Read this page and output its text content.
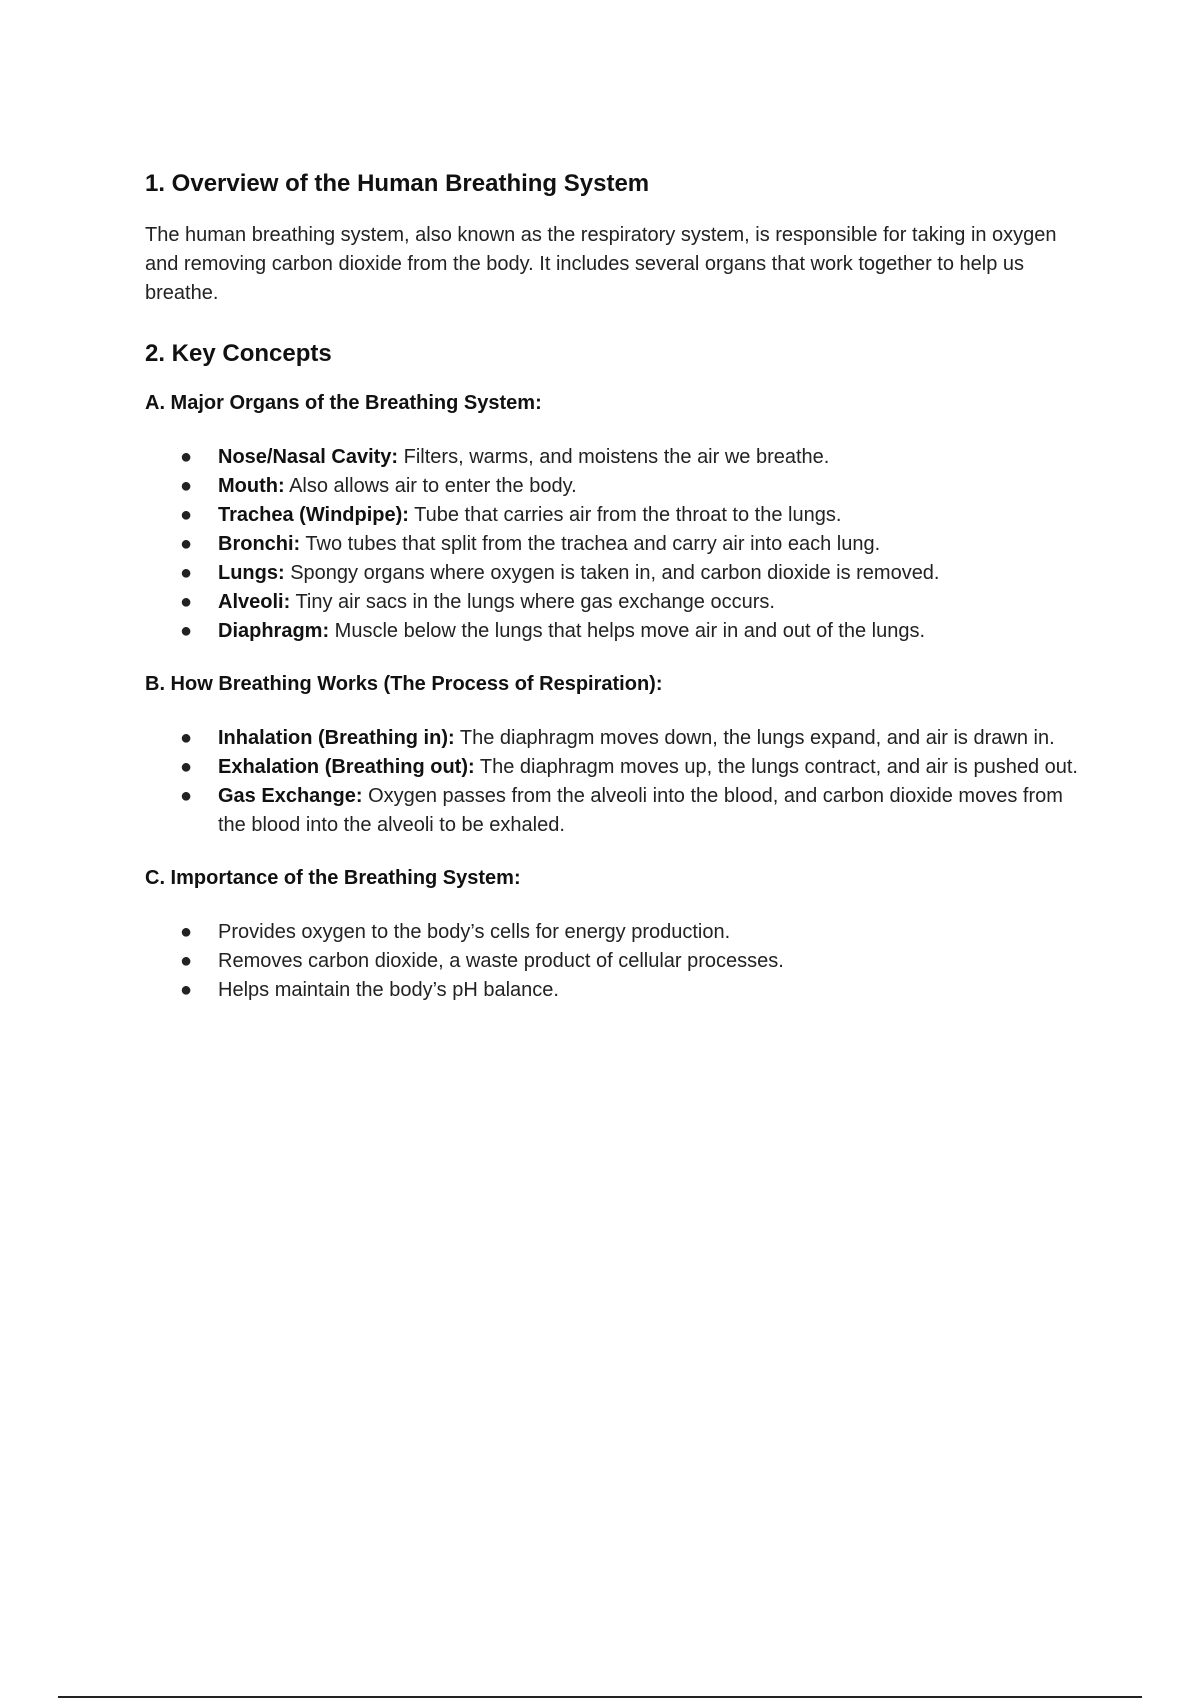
1. Overview of the Human Breathing System

The human breathing system, also known as the respiratory system, is responsible for taking in oxygen and removing carbon dioxide from the body. It includes several organs that work together to help us breathe.

2. Key Concepts
A. Major Organs of the Breathing System:
● Nose/Nasal Cavity: Filters, warms, and moistens the air we breathe.
● Mouth: Also allows air to enter the body.
● Trachea (Windpipe): Tube that carries air from the throat to the lungs.
● Bronchi: Two tubes that split from the trachea and carry air into each lung.
● Lungs: Spongy organs where oxygen is taken in, and carbon dioxide is removed.
● Alveoli: Tiny air sacs in the lungs where gas exchange occurs.
● Diaphragm: Muscle below the lungs that helps move air in and out of the lungs.
B. How Breathing Works (The Process of Respiration):
● Inhalation (Breathing in): The diaphragm moves down, the lungs expand, and air is drawn in.
● Exhalation (Breathing out): The diaphragm moves up, the lungs contract, and air is pushed out.
● Gas Exchange: Oxygen passes from the alveoli into the blood, and carbon dioxide moves from the blood into the alveoli to be exhaled.
C. Importance of the Breathing System:
● Provides oxygen to the body’s cells for energy production.
● Removes carbon dioxide, a waste product of cellular processes.
● Helps maintain the body’s pH balance.
